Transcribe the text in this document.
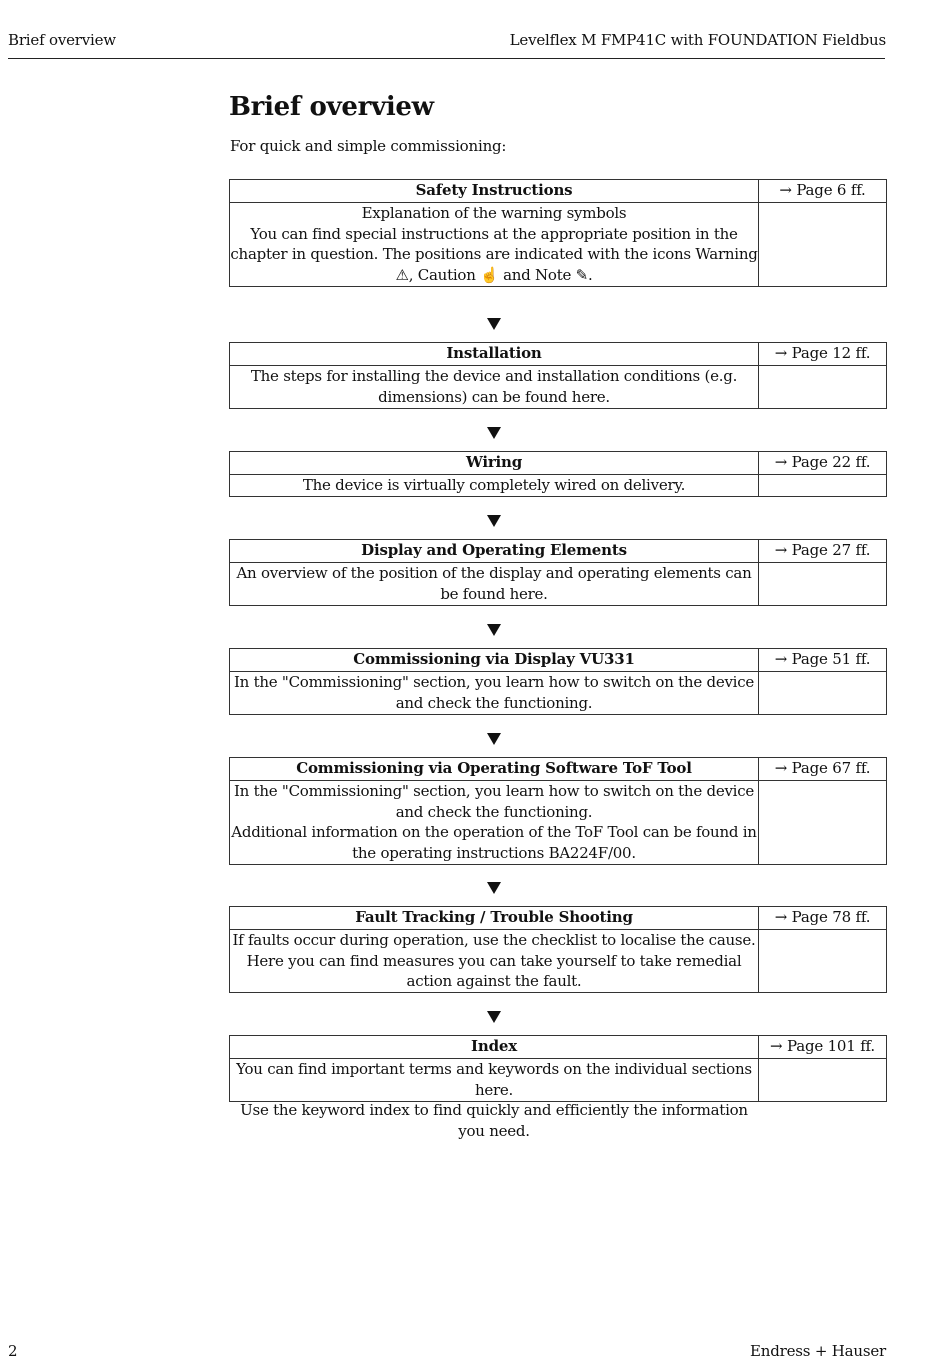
Brief overview	Levelflex M FMP41C with FOUNDATION Fieldbus
Brief overview
For quick and simple commissioning:
Safety Instructions	→ Page 6 ff.

Explanation of the warning symbols

You can find special instructions at the appropriate position in the chapter in question. The positions are indicated with the icons Warning ⚠, Caution ☝ and Note ✎.

Installation	→ Page 12 ff.

The steps for installing the device and installation conditions (e.g. dimensions) can be found here.

Wiring	→ Page 22 ff.

The device is virtually completely wired on delivery.

Display and Operating Elements	→ Page 27 ff.

An overview of the position of the display and operating elements can be found here.

Commissioning via Display VU331	→ Page 51 ff.

In the "Commissioning" section, you learn how to switch on the device and check the functioning.

Commissioning via Operating Software ToF Tool	→ Page 67 ff.

In the "Commissioning" section, you learn how to switch on the device and check the functioning.

Additional information on the operation of the ToF Tool can be found in the operating instructions BA224F/00.

Fault Tracking / Trouble Shooting	→ Page 78 ff.

If faults occur during operation, use the checklist to localise the cause.

Here you can find measures you can take yourself to take remedial action against the fault.

Index	→ Page 101 ff.

You can find important terms and keywords on the individual sections here.

Use the keyword index to find quickly and efficiently the information you need.

2	Endress + Hauser
